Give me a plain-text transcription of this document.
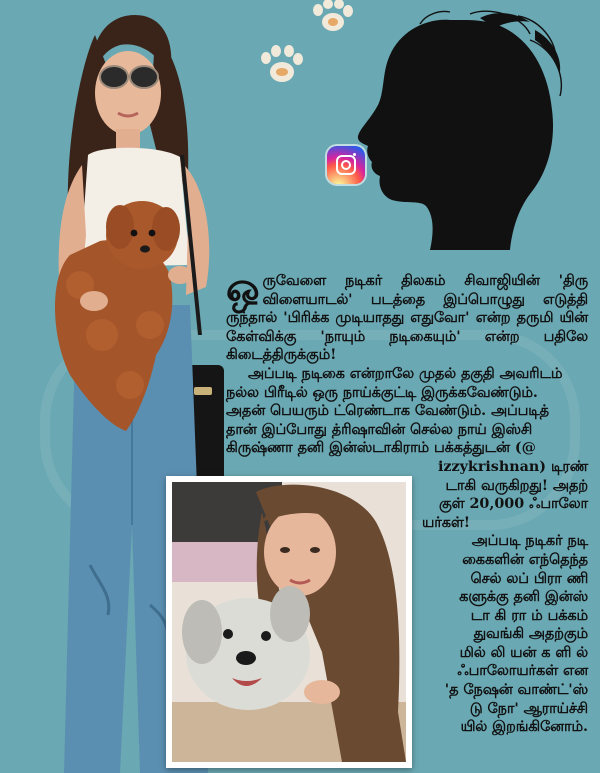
ஒருவேளை நடிகர் திலகம் சிவாஜியின் 'திரு விளையாடல்' படத்தை இப்பொழுது எடுத்தி ருந்தால் 'பிரிக்க முடியாதது எதுவோ' என்ற தருமி யின் கேள்விக்கு 'நாயும் நடிகையும்' என்ற பதிலே கிடைத்திருக்கும்!

அப்படி நடிகை என்றாலே முதல் தகுதி அவரிடம்
நல்ல பிரீடில் ஒரு நாய்க்குட்டி இருக்கவேண்டும்.
அதன் பெயரும் ட்ரெண்டாக வேண்டும். அப்படித்
தான் இப்போது த்ரிஷாவின் செல்ல நாய் இஸ்சி
கிருஷ்ணா தனி இன்ஸ்டாகிராம் பக்கத்துடன் (@
izzykrishnan) டிரண்
டாகி வருகிறது! அதற்
குள் 20,000 ஃபாலோ
யர்கள்!

அப்படி நடிகர் நடி
கைகளின் எந்தெந்த
செல் லப் பிரா ணி
களுக்கு தனி இன்ஸ்
டா கி ரா ம் பக்கம்
துவங்கி அதற்கும்
மில் லி யன் க ளி ல்
ஃபாலோயர்கள் என
'த நேஷன் வாண்ட்'ஸ்
டு நோ' ஆராய்ச்சி
யில் இறங்கினோம்.
